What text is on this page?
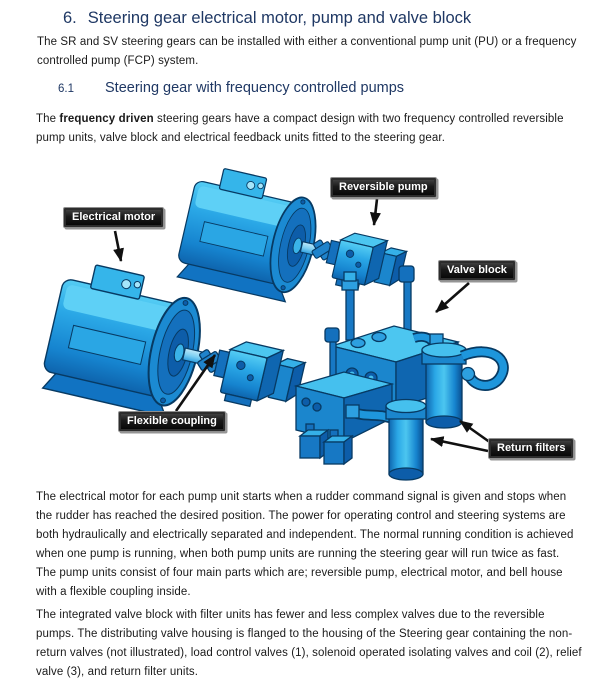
6. Steering gear electrical motor, pump and valve block

The SR and SV steering gears can be installed with either a conventional pump unit (PU) or a frequency controlled pump (FCP) system.

6.1 Steering gear with frequency controlled pumps

The frequency driven steering gears have a compact design with two frequency controlled reversible pump units, valve block and electrical feedback units fitted to the steering gear.

Electrical motor
Reversible pump
Valve block
Flexible coupling
Return filters

The electrical motor for each pump unit starts when a rudder command signal is given and stops when the rudder has reached the desired position. The power for operating control and steering systems are both hydraulically and electrically separated and independent. The normal running condition is achieved when one pump is running, when both pump units are running the steering gear will run twice as fast. The pump units consist of four main parts which are; reversible pump, electrical motor, and bell house with a flexible coupling inside.

The integrated valve block with filter units has fewer and less complex valves due to the reversible pumps. The distributing valve housing is flanged to the housing of the Steering gear containing the non-return valves (not illustrated), load control valves (1), solenoid operated isolating valves and coil (2), relief valve (3), and return filter units.
